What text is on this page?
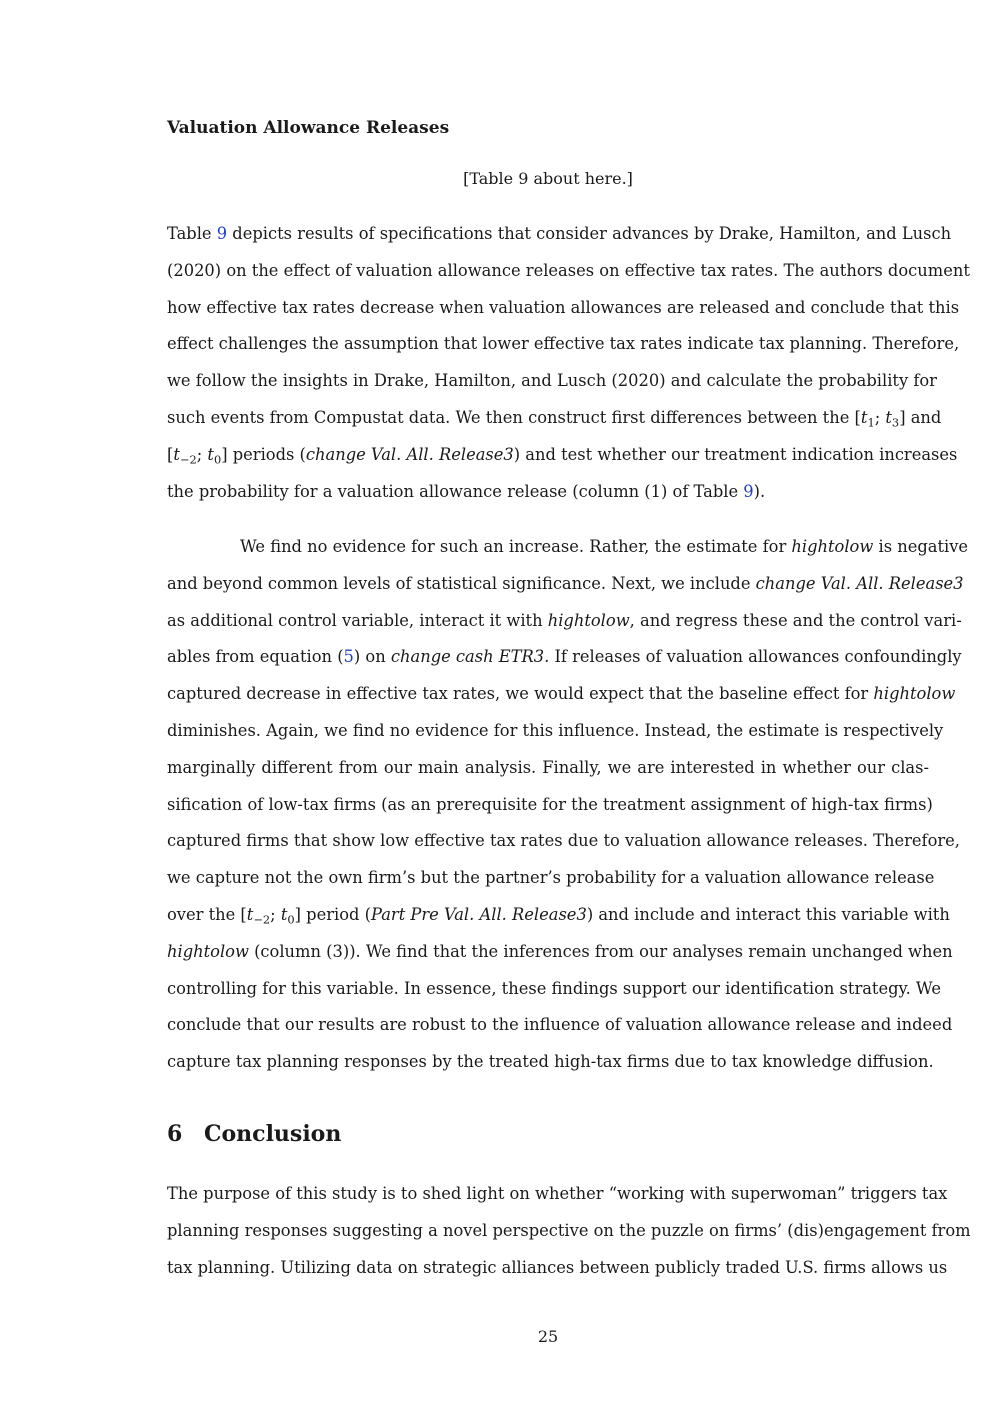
Valuation Allowance Releases
[Table 9 about here.]
Table 9 depicts results of specifications that consider advances by Drake, Hamilton, and Lusch
(2020) on the effect of valuation allowance releases on effective tax rates. The authors document
how effective tax rates decrease when valuation allowances are released and conclude that this
effect challenges the assumption that lower effective tax rates indicate tax planning. Therefore,
we follow the insights in Drake, Hamilton, and Lusch (2020) and calculate the probability for
such events from Compustat data. We then construct first differences between the [$t_1$; $t_3$] and
[$t_{-2}$; $t_0$] periods (change Val. All. Release3) and test whether our treatment indication increases
the probability for a valuation allowance release (column (1) of Table 9).
We find no evidence for such an increase. Rather, the estimate for hightolow is negative
and beyond common levels of statistical significance. Next, we include change Val. All. Release3
as additional control variable, interact it with hightolow, and regress these and the control vari-
ables from equation (5) on change cash ETR3. If releases of valuation allowances confoundingly
captured decrease in effective tax rates, we would expect that the baseline effect for hightolow
diminishes. Again, we find no evidence for this influence. Instead, the estimate is respectively
marginally different from our main analysis. Finally, we are interested in whether our clas-
sification of low-tax firms (as an prerequisite for the treatment assignment of high-tax firms)
captured firms that show low effective tax rates due to valuation allowance releases. Therefore,
we capture not the own firm’s but the partner’s probability for a valuation allowance release
over the [$t_{-2}$; $t_0$] period (Part Pre Val. All. Release3) and include and interact this variable with
hightolow (column (3)). We find that the inferences from our analyses remain unchanged when
controlling for this variable. In essence, these findings support our identification strategy. We
conclude that our results are robust to the influence of valuation allowance release and indeed
capture tax planning responses by the treated high-tax firms due to tax knowledge diffusion.
6 Conclusion
The purpose of this study is to shed light on whether “working with superwoman” triggers tax
planning responses suggesting a novel perspective on the puzzle on firms’ (dis)engagement from
tax planning. Utilizing data on strategic alliances between publicly traded U.S. firms allows us
25
